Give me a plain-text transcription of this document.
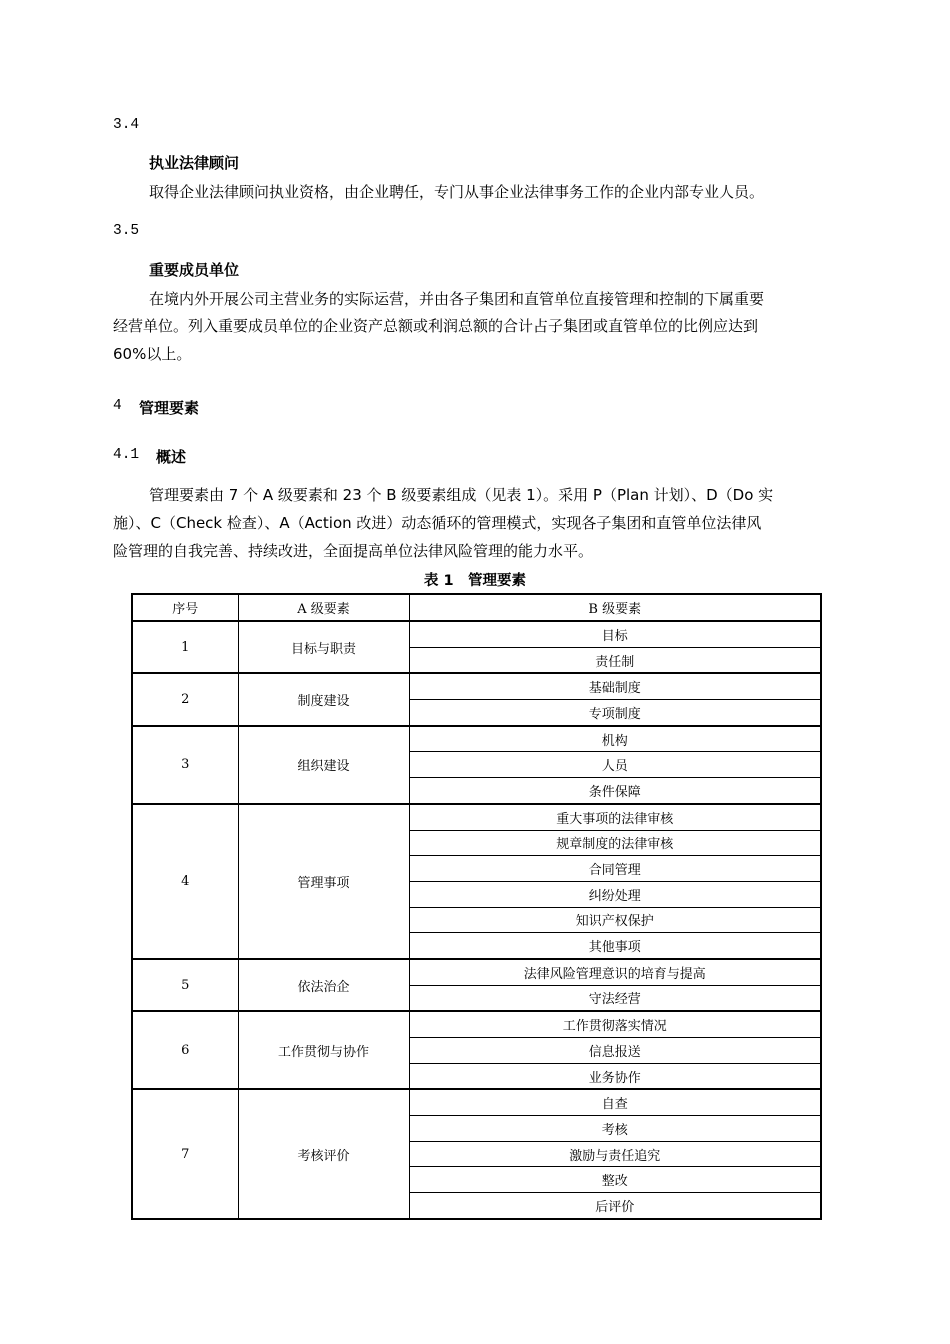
3.4
执业法律顾问
取得企业法律顾问执业资格，由企业聘任，专门从事企业法律事务工作的企业内部专业人员。
3.5
重要成员单位
在境内外开展公司主营业务的实际运营，并由各子集团和直管单位直接管理和控制的下属重要
经营单位。列入重要成员单位的企业资产总额或利润总额的合计占子集团或直管单位的比例应达到
60%以上。
4 管理要素
4.1 概述
管理要素由 7 个 A 级要素和 23 个 B 级要素组成（见表 1）。采用 P（Plan 计划）、D（Do 实
施）、C（Check 检查）、A（Action 改进）动态循环的管理模式，实现各子集团和直管单位法律风
险管理的自我完善、持续改进，全面提高单位法律风险管理的能力水平。
表 1　管理要素
序号	A 级要素	B 级要素
1	目标与职责	目标
		责任制
2	制度建设	基础制度
		专项制度
3	组织建设	机构
		人员
		条件保障
4	管理事项	重大事项的法律审核
		规章制度的法律审核
		合同管理
		纠纷处理
		知识产权保护
		其他事项
5	依法治企	法律风险管理意识的培育与提高
		守法经营
6	工作贯彻与协作	工作贯彻落实情况
		信息报送
		业务协作
7	考核评价	自查
		考核
		激励与责任追究
		整改
		后评价
